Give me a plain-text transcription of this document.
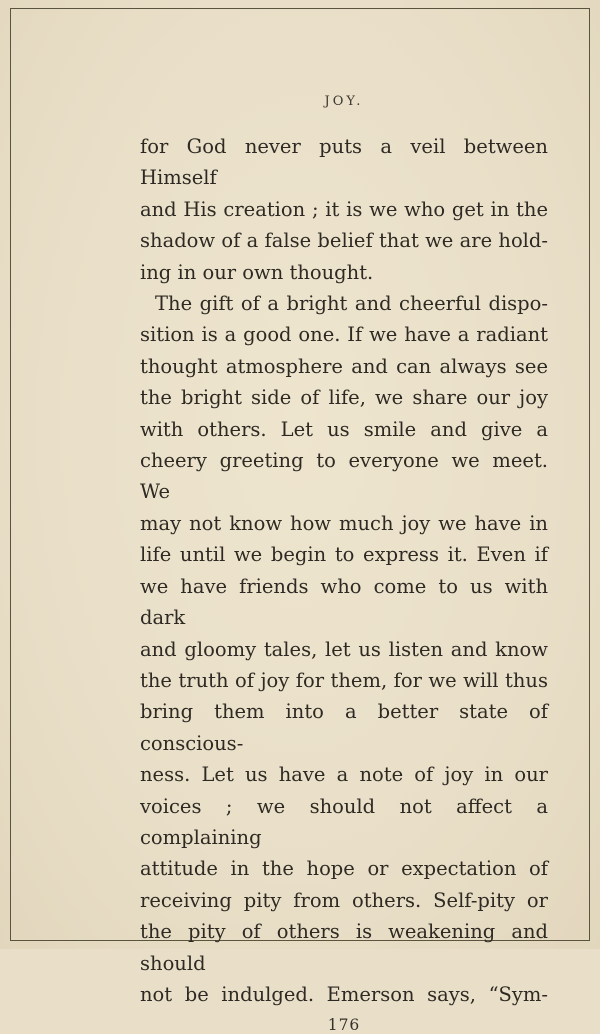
JOY.
for God never puts a veil between Himself
and His creation ; it is we who get in the
shadow of a false belief that we are hold-
ing in our own thought.
The gift of a bright and cheerful dispo-
sition is a good one. If we have a radiant
thought atmosphere and can always see
the bright side of life, we share our joy
with others. Let us smile and give a
cheery greeting to everyone we meet. We
may not know how much joy we have in
life until we begin to express it. Even if
we have friends who come to us with dark
and gloomy tales, let us listen and know
the truth of joy for them, for we will thus
bring them into a better state of conscious-
ness. Let us have a note of joy in our
voices ; we should not affect a complaining
attitude in the hope or expectation of
receiving pity from others. Self-pity or
the pity of others is weakening and should
not be indulged. Emerson says, “Sym-
176
